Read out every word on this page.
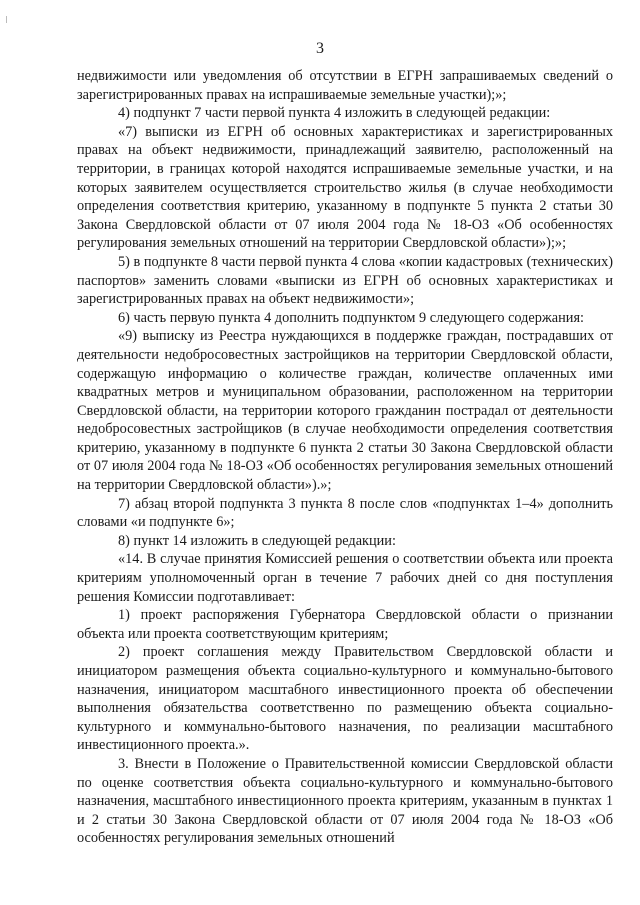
3

недвижимости или уведомления об отсутствии в ЕГРН запрашиваемых сведений о зарегистрированных правах на испрашиваемые земельные участки);»;

4) подпункт 7 части первой пункта 4 изложить в следующей редакции:

«7) выписки из ЕГРН об основных характеристиках и зарегистрированных правах на объект недвижимости, принадлежащий заявителю, расположенный на территории, в границах которой находятся испрашиваемые земельные участки, и на которых заявителем осуществляется строительство жилья (в случае необходимости определения соответствия критерию, указанному в подпункте 5 пункта 2 статьи 30 Закона Свердловской области от 07 июля 2004 года № 18-ОЗ «Об особенностях регулирования земельных отношений на территории Свердловской области»);»;

5) в подпункте 8 части первой пункта 4 слова «копии кадастровых (технических) паспортов» заменить словами «выписки из ЕГРН об основных характеристиках и зарегистрированных правах на объект недвижимости»;

6) часть первую пункта 4 дополнить подпунктом 9 следующего содержания:

«9) выписку из Реестра нуждающихся в поддержке граждан, пострадавших от деятельности недобросовестных застройщиков на территории Свердловской области, содержащую информацию о количестве граждан, количестве оплаченных ими квадратных метров и муниципальном образовании, расположенном на территории Свердловской области, на территории которого гражданин пострадал от деятельности недобросовестных застройщиков (в случае необходимости определения соответствия критерию, указанному в подпункте 6 пункта 2 статьи 30 Закона Свердловской области от 07 июля 2004 года № 18-ОЗ «Об особенностях регулирования земельных отношений на территории Свердловской области»).»;

7) абзац второй подпункта 3 пункта 8 после слов «подпунктах 1–4» дополнить словами «и подпункте 6»;

8) пункт 14 изложить в следующей редакции:

«14. В случае принятия Комиссией решения о соответствии объекта или проекта критериям уполномоченный орган в течение 7 рабочих дней со дня поступления решения Комиссии подготавливает:

1) проект распоряжения Губернатора Свердловской области о признании объекта или проекта соответствующим критериям;

2) проект соглашения между Правительством Свердловской области и инициатором размещения объекта социально-культурного и коммунально-бытового назначения, инициатором масштабного инвестиционного проекта об обеспечении выполнения обязательства соответственно по размещению объекта социально-культурного и коммунально-бытового назначения, по реализации масштабного инвестиционного проекта.».

3. Внести в Положение о Правительственной комиссии Свердловской области по оценке соответствия объекта социально-культурного и коммунально-бытового назначения, масштабного инвестиционного проекта критериям, указанным в пунктах 1 и 2 статьи 30 Закона Свердловской области от 07 июля 2004 года № 18-ОЗ «Об особенностях регулирования земельных отношений
